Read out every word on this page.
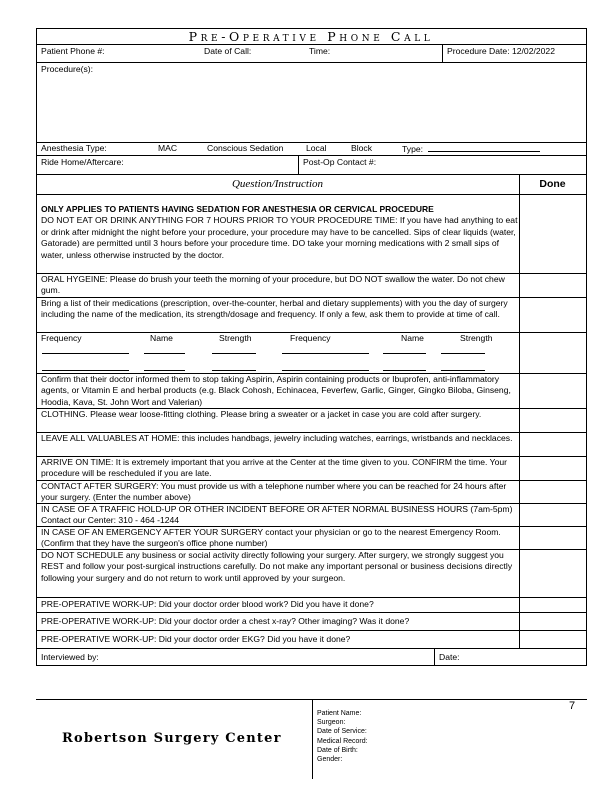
Pre-Operative Phone Call
Patient Phone #:	Date of Call:	Time:	Procedure Date: 12/02/2022
Procedure(s):
Anesthesia Type:	MAC	Conscious Sedation	Local	Block	Type:
Ride Home/Aftercare:	Post-Op Contact #:
Question/Instruction	Done
ONLY APPLIES TO PATIENTS HAVING SEDATION FOR ANESTHESIA OR CERVICAL PROCEDURE
DO NOT EAT OR DRINK ANYTHING FOR 7 HOURS PRIOR TO YOUR PROCEDURE TIME: If you have had anything to eat or drink after midnight the night before your procedure, your procedure may have to be cancelled. Sips of clear liquids (water, Gatorade) are permitted until 3 hours before your procedure time. DO take your morning medications with 2 small sips of water, unless otherwise instructed by the doctor.
ORAL HYGEINE: Please do brush your teeth the morning of your procedure, but DO NOT swallow the water. Do not chew gum.
Bring a list of their medications (prescription, over-the-counter, herbal and dietary supplements) with you the day of surgery including the name of the medication, its strength/dosage and frequency. If only a few, ask them to provide at time of call.
Frequency	Name	Strength	Frequency	Name	Strength
Confirm that their doctor informed them to stop taking Aspirin, Aspirin containing products or Ibuprofen, anti-inflammatory agents, or Vitamin E and herbal products (e.g. Black Cohosh, Echinacea, Feverfew, Garlic, Ginger, Gingko Biloba, Ginseng, Hoodia, Kava, St. John Wort and Valerian)
CLOTHING. Please wear loose-fitting clothing. Please bring a sweater or a jacket in case you are cold after surgery.
LEAVE ALL VALUABLES AT HOME: this includes handbags, jewelry including watches, earrings, wristbands and necklaces.
ARRIVE ON TIME: It is extremely important that you arrive at the Center at the time given to you. CONFIRM the time. Your procedure will be rescheduled if you are late.
CONTACT AFTER SURGERY: You must provide us with a telephone number where you can be reached for 24 hours after your surgery. (Enter the number above)
IN CASE OF A TRAFFIC HOLD-UP OR OTHER INCIDENT BEFORE OR AFTER NORMAL BUSINESS HOURS (7am-5pm) Contact our Center: 310 - 464 -1244
IN CASE OF AN EMERGENCY AFTER YOUR SURGERY contact your physician or go to the nearest Emergency Room. (Confirm that they have the surgeon's office phone number)
DO NOT SCHEDULE any business or social activity directly following your surgery. After surgery, we strongly suggest you REST and follow your post-surgical instructions carefully. Do not make any important personal or business decisions directly following your surgery and do not return to work until approved by your surgeon.
PRE-OPERATIVE WORK-UP: Did your doctor order blood work? Did you have it done?
PRE-OPERATIVE WORK-UP: Did your doctor order a chest x-ray? Other imaging? Was it done?
PRE-OPERATIVE WORK-UP: Did your doctor order EKG? Did you have it done?
Interviewed by:	Date:
7
Robertson Surgery Center
Patient Name:
Surgeon:
Date of Service:
Medical Record:
Date of Birth:
Gender:
